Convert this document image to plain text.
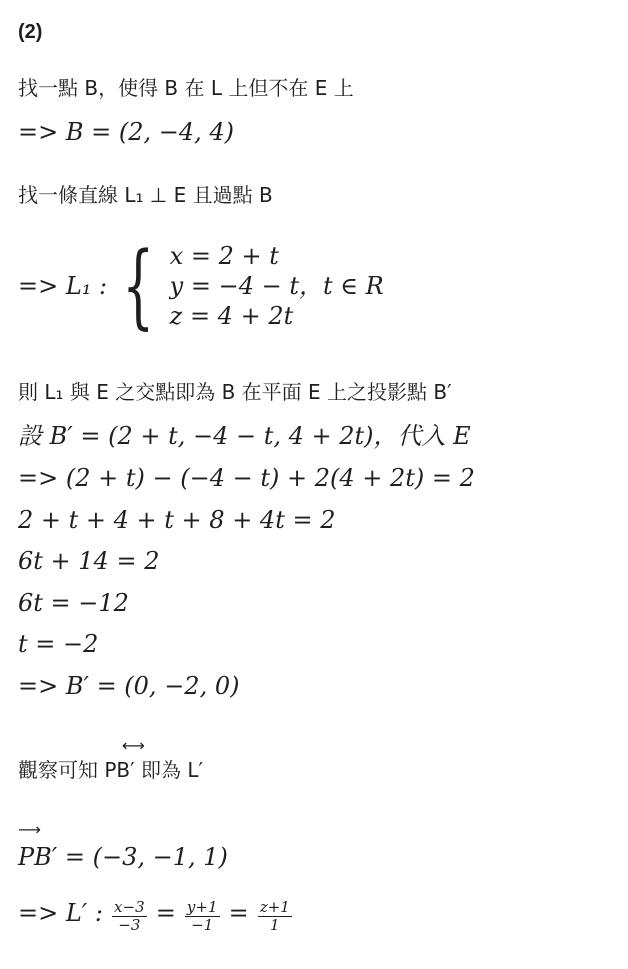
(2)
找一點 B，使得 B 在 L 上但不在 E 上
=> B = (2, −4, 4)
找一條直線 L₁ ⊥ E 且過點 B
=> L₁ : { x = 2 + t
y = −4 − t，t ∈ R
z = 4 + 2t
則 L₁ 與 E 之交點即為 B 在平面 E 上之投影點 B′
設 B′ = (2 + t, −4 − t, 4 + 2t)，代入 E
=> (2 + t) − (−4 − t) + 2(4 + 2t) = 2
2 + t + 4 + t + 8 + 4t = 2
6t + 14 = 2
6t = −12
t = −2
=> B′ = (0, −2, 0)
⟷
觀察可知 PB′ 即為 L′
⟶
PB′ = (−3, −1, 1)
=> L′ : $\frac{x-3}{-3} = \frac{y+1}{-1} = \frac{z+1}{1}$
